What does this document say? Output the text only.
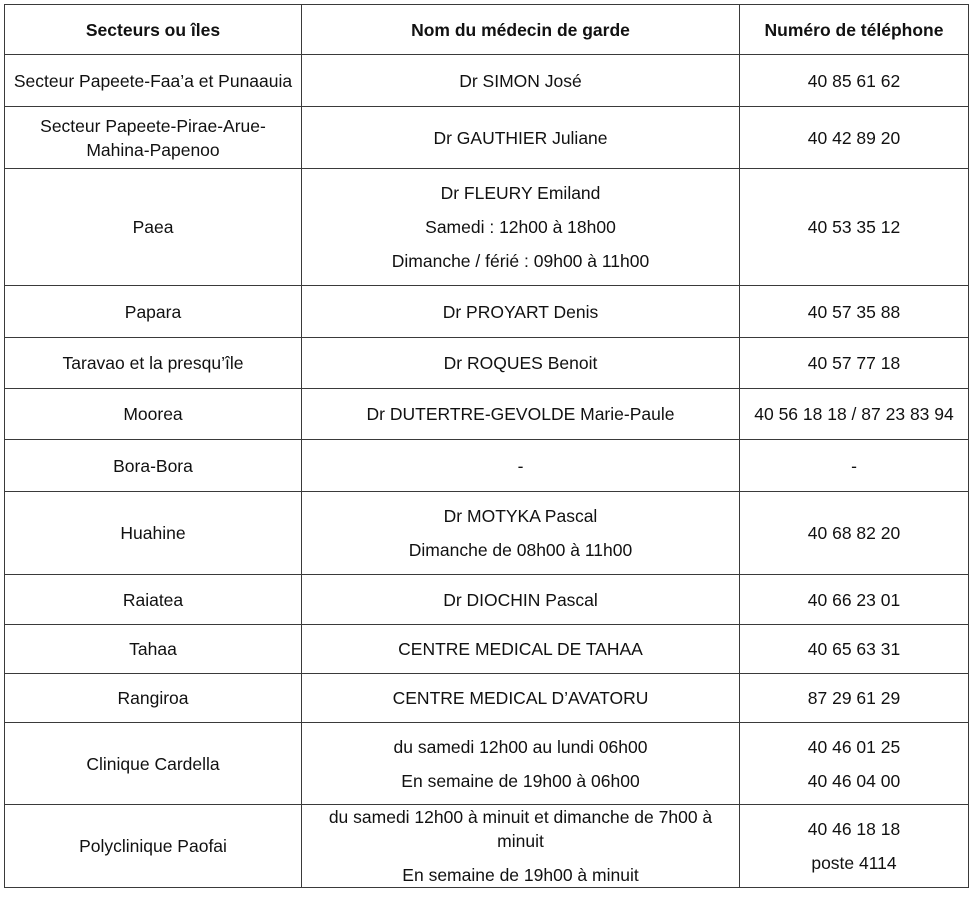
Secteurs ou îles	Nom du médecin de garde	Numéro de téléphone
Secteur Papeete-Faa’a et Punaauia	Dr SIMON José	40 85 61 62

Secteur Papeete-Pirae-Arue-Mahina-Papenoo	Dr GAUTHIER Juliane	40 42 89 20

Paea	Dr FLEURY Emiland
Samedi : 12h00 à 18h00
Dimanche / férié : 09h00 à 11h00	40 53 35 12

Papara	Dr PROYART Denis	40 57 35 88

Taravao et la presqu’île	Dr ROQUES Benoit	40 57 77 18

Moorea	Dr DUTERTRE-GEVOLDE Marie-Paule	40 56 18 18 / 87 23 83 94

Bora-Bora	-	-

Huahine	Dr MOTYKA Pascal
Dimanche de 08h00 à 11h00	40 68 82 20

Raiatea	Dr DIOCHIN Pascal	40 66 23 01

Tahaa	CENTRE MEDICAL DE TAHAA	40 65 63 31

Rangiroa	CENTRE MEDICAL D’AVATORU	87 29 61 29

Clinique Cardella	du samedi 12h00 au lundi 06h00
En semaine de 19h00 à 06h00	40 46 01 25
40 46 04 00

Polyclinique Paofai	du samedi 12h00 à minuit et dimanche de 7h00 à minuit
En semaine de 19h00 à minuit	40 46 18 18
poste 4114
